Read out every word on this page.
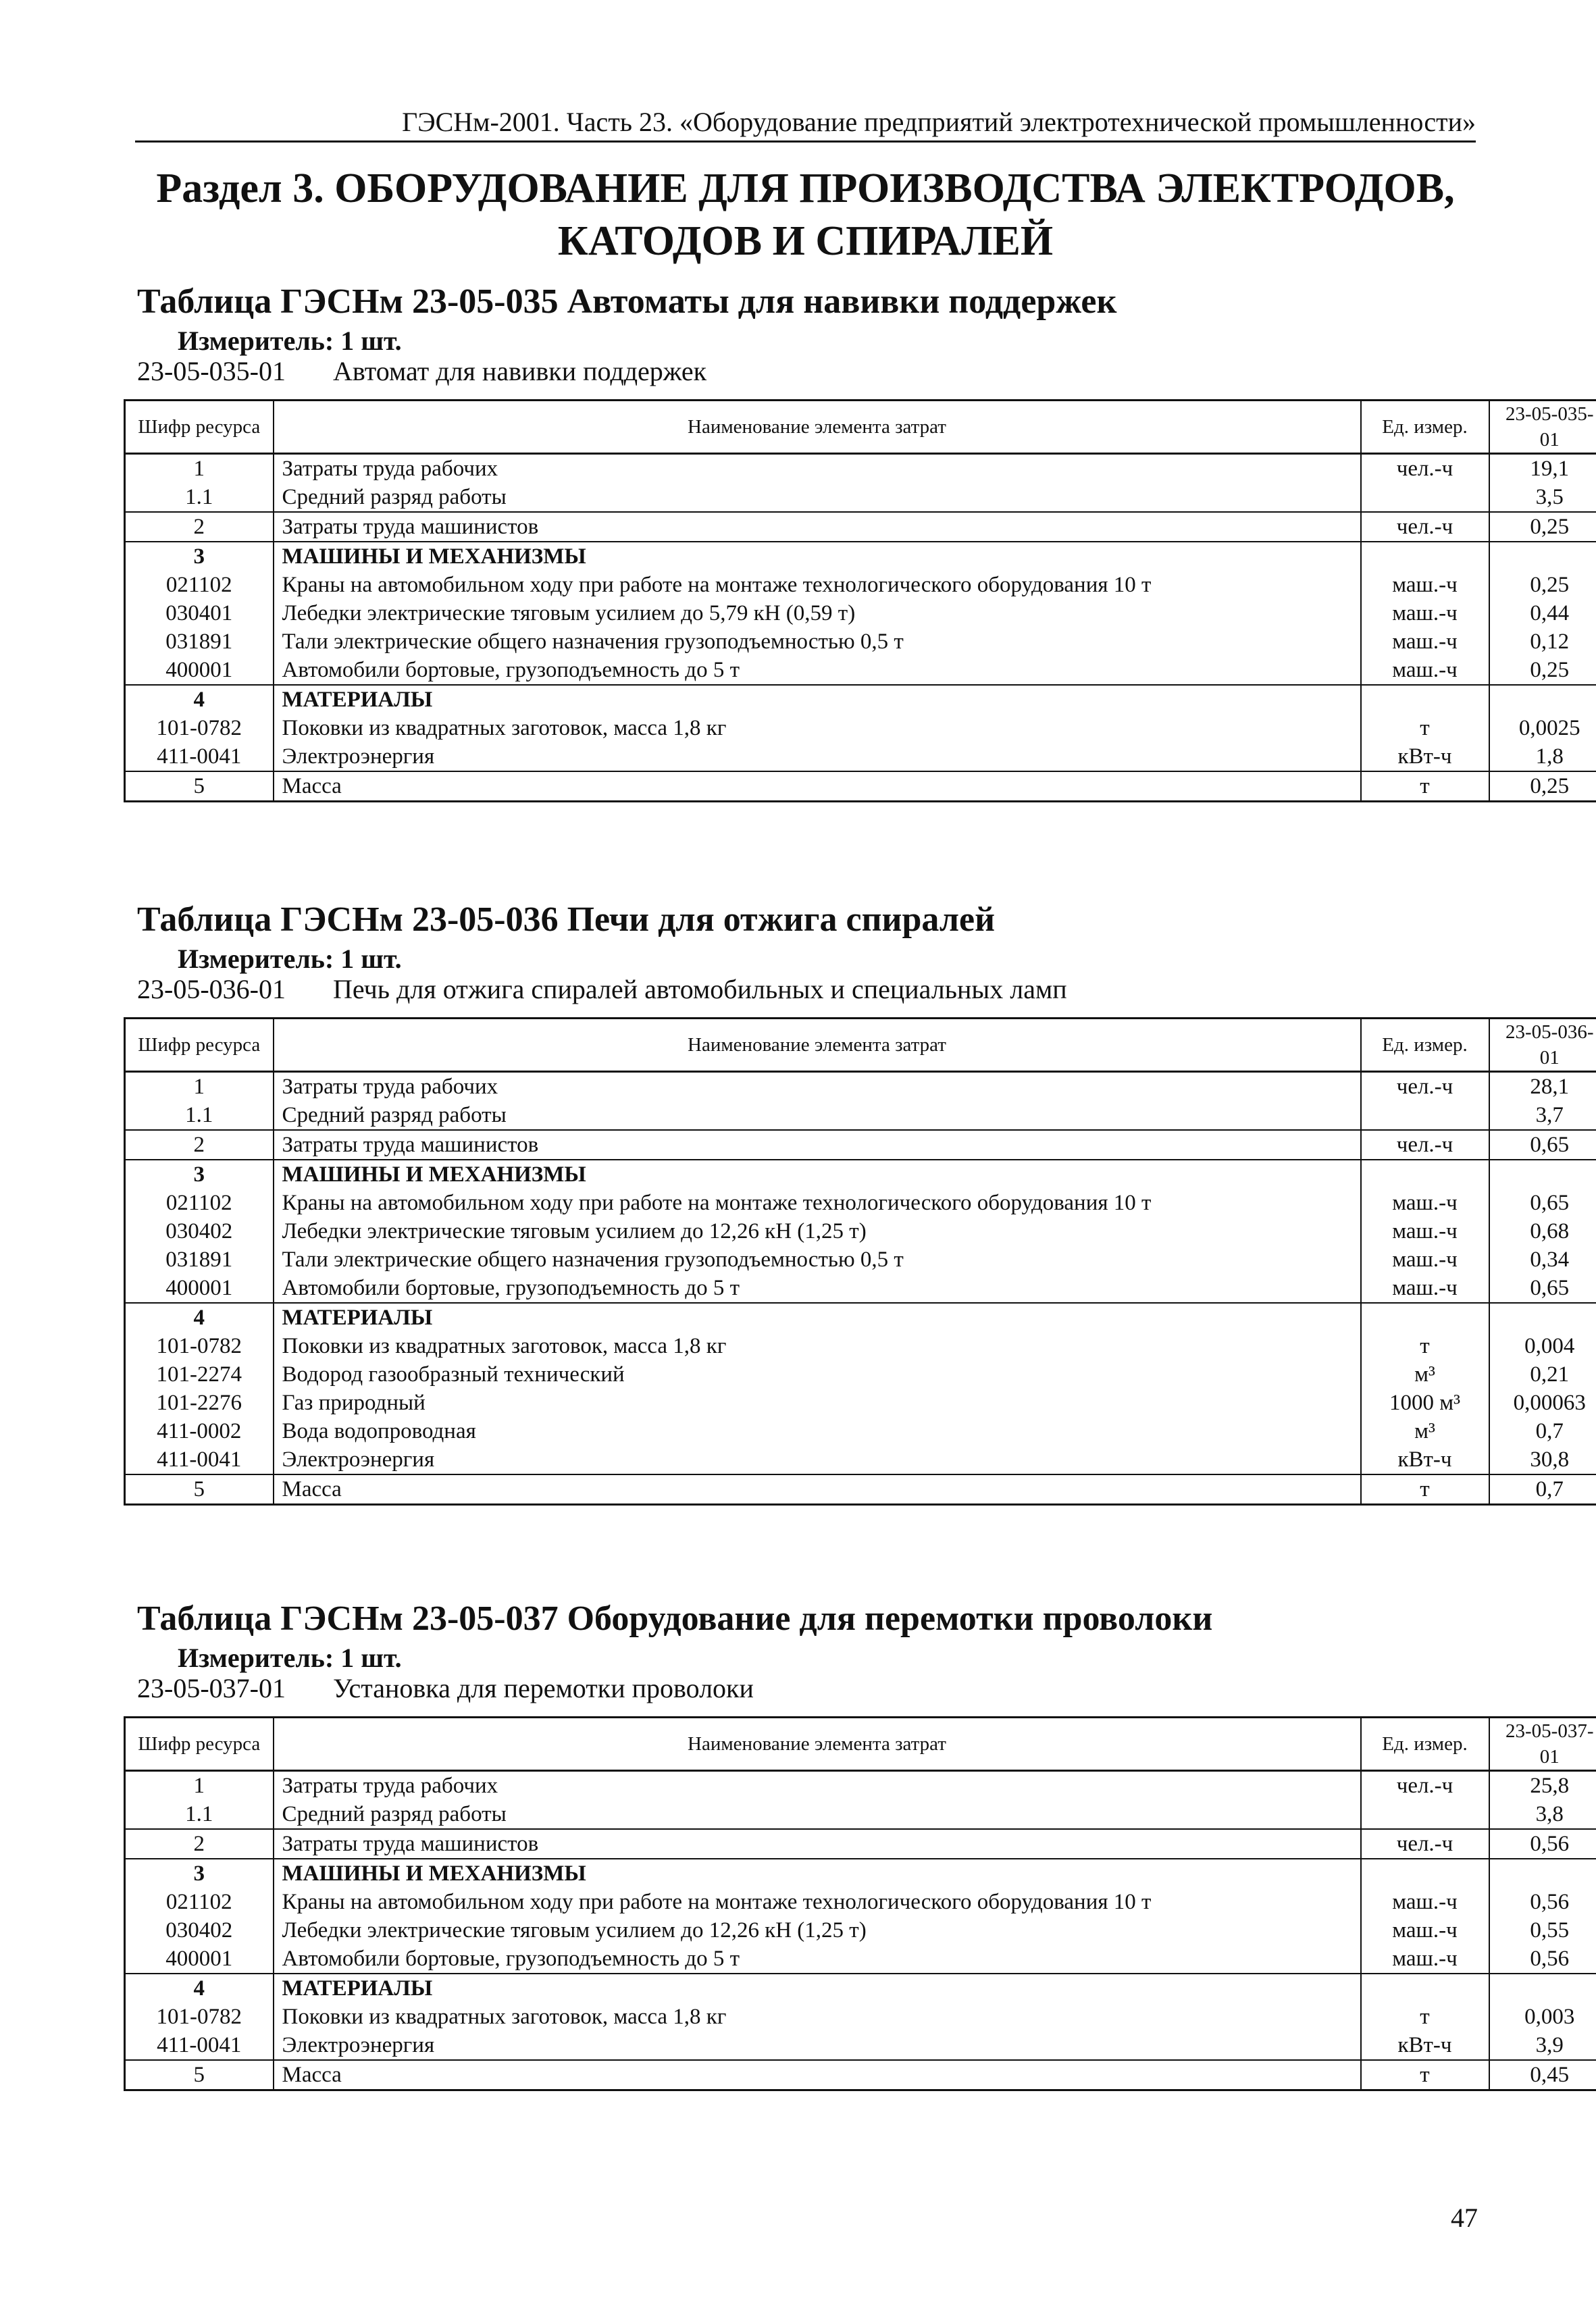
ГЭСНм-2001. Часть 23. «Оборудование предприятий электротехнической промышленности»
Раздел 3. ОБОРУДОВАНИЕ ДЛЯ ПРОИЗВОДСТВА ЭЛЕКТРОДОВ,
КАТОДОВ И СПИРАЛЕЙ
Таблица ГЭСНм 23-05-035 Автоматы для навивки поддержек
Измеритель: 1 шт.
23-05-035-01 Автомат для навивки поддержек
Шифр ресурса	Наименование элемента затрат	Ед. измер.	23-05-035-01
1	Затраты труда рабочих	чел.-ч	19,1
1.1	Средний разряд работы		3,5
2	Затраты труда машинистов	чел.-ч	0,25
3	МАШИНЫ И МЕХАНИЗМЫ		
021102	Краны на автомобильном ходу при работе на монтаже технологического оборудования 10 т	маш.-ч	0,25
030401	Лебедки электрические тяговым усилием до 5,79 кН (0,59 т)	маш.-ч	0,44
031891	Тали электрические общего назначения грузоподъемностью 0,5 т	маш.-ч	0,12
400001	Автомобили бортовые, грузоподъемность до 5 т	маш.-ч	0,25
4	МАТЕРИАЛЫ		
101-0782	Поковки из квадратных заготовок, масса 1,8 кг	т	0,0025
411-0041	Электроэнергия	кВт-ч	1,8
5	Масса	т	0,25
Таблица ГЭСНм 23-05-036 Печи для отжига спиралей
Измеритель: 1 шт.
23-05-036-01 Печь для отжига спиралей автомобильных и специальных ламп
Шифр ресурса	Наименование элемента затрат	Ед. измер.	23-05-036-01
1	Затраты труда рабочих	чел.-ч	28,1
1.1	Средний разряд работы		3,7
2	Затраты труда машинистов	чел.-ч	0,65
3	МАШИНЫ И МЕХАНИЗМЫ		
021102	Краны на автомобильном ходу при работе на монтаже технологического оборудования 10 т	маш.-ч	0,65
030402	Лебедки электрические тяговым усилием до 12,26 кН (1,25 т)	маш.-ч	0,68
031891	Тали электрические общего назначения грузоподъемностью 0,5 т	маш.-ч	0,34
400001	Автомобили бортовые, грузоподъемность до 5 т	маш.-ч	0,65
4	МАТЕРИАЛЫ		
101-0782	Поковки из квадратных заготовок, масса 1,8 кг	т	0,004
101-2274	Водород газообразный технический	м³	0,21
101-2276	Газ природный	1000 м³	0,00063
411-0002	Вода водопроводная	м³	0,7
411-0041	Электроэнергия	кВт-ч	30,8
5	Масса	т	0,7
Таблица ГЭСНм 23-05-037 Оборудование для перемотки проволоки
Измеритель: 1 шт.
23-05-037-01 Установка для перемотки проволоки
Шифр ресурса	Наименование элемента затрат	Ед. измер.	23-05-037-01
1	Затраты труда рабочих	чел.-ч	25,8
1.1	Средний разряд работы		3,8
2	Затраты труда машинистов	чел.-ч	0,56
3	МАШИНЫ И МЕХАНИЗМЫ		
021102	Краны на автомобильном ходу при работе на монтаже технологического оборудования 10 т	маш.-ч	0,56
030402	Лебедки электрические тяговым усилием до 12,26 кН (1,25 т)	маш.-ч	0,55
400001	Автомобили бортовые, грузоподъемность до 5 т	маш.-ч	0,56
4	МАТЕРИАЛЫ		
101-0782	Поковки из квадратных заготовок, масса 1,8 кг	т	0,003
411-0041	Электроэнергия	кВт-ч	3,9
5	Масса	т	0,45
47
